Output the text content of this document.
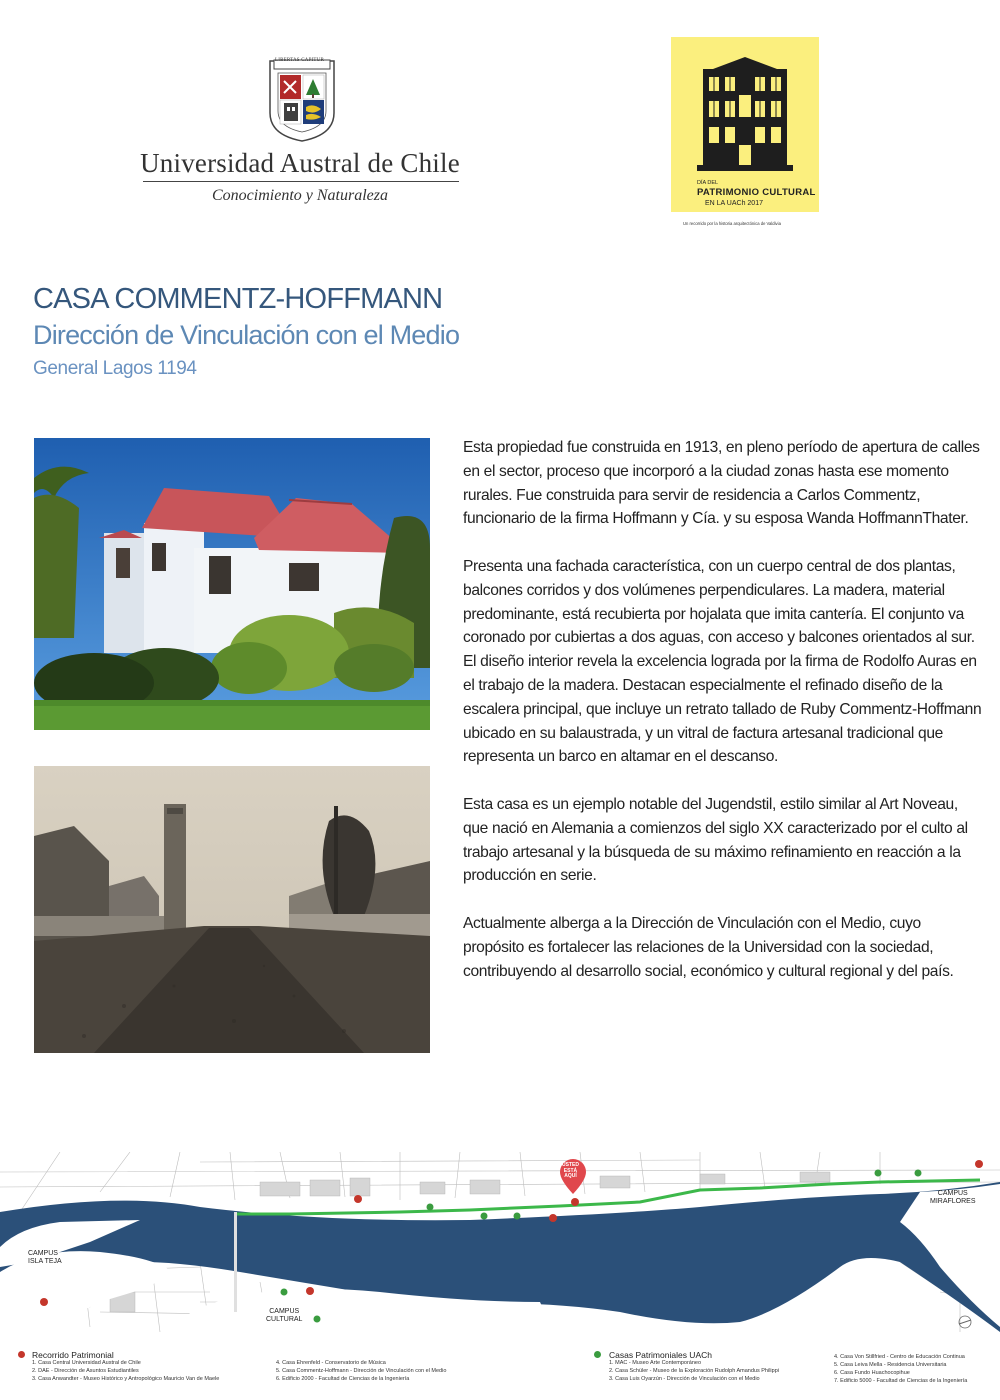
LIBERTAS CAPITUR
Universidad Austral de Chile
Conocimiento y Naturaleza
DÍA DEL
PATRIMONIO CULTURAL
EN LA UACh 2017
Un recorrido por la historia arquitectónica de Valdivia
CASA COMMENTZ-HOFFMANN
Dirección de Vinculación con el Medio
General Lagos 1194

Esta propiedad fue construida en 1913, en pleno período de apertura de calles en el sector, proceso que incorporó a la ciudad zonas hasta ese momento rurales. Fue construida para servir de residencia a Carlos Commentz, funcionario de la firma Hoffmann y Cía. y su esposa Wanda HoffmannThater.

Presenta una fachada característica, con un cuerpo central de dos plantas, balcones corridos y dos volúmenes perpendiculares. La madera, material predominante, está recubierta por hojalata que imita cantería. El conjunto va coronado por cubiertas a dos aguas, con acceso y balcones orientados al sur. El diseño interior revela la excelencia lograda por la firma de Rodolfo Auras en el trabajo de la madera. Destacan especialmente el refinado diseño de la escalera principal, que incluye un retrato tallado de Ruby Commentz-Hoffmann ubicado en su balaustrada, y un vitral de factura artesanal tradicional que representa un barco en altamar en el descanso.

Esta casa es un ejemplo notable del Jugendstil, estilo similar al Art Noveau, que nació en Alemania a comienzos del siglo XX caracterizado por el culto al trabajo artesanal y la búsqueda de su máximo refinamiento en reacción a la producción en serie.

Actualmente alberga a la Dirección de Vinculación con el Medio, cuyo propósito es fortalecer las relaciones de la Universidad con la sociedad, contribuyendo al desarrollo social, económico y cultural regional y del país.

USTED
ESTÁ
AQUÍ
CAMPUS
ISLA TEJA
CAMPUS
CULTURAL
CAMPUS
MIRAFLORES
Recorrido Patrimonial
1. Casa Central Universidad Austral de Chile
2. DAE - Dirección de Asuntos Estudiantiles
3. Casa Anwandter - Museo Histórico y Antropológico Mauricio Van de Maele
4. Casa Ehrenfeld - Conservatorio de Música
5. Casa Commentz-Hoffmann - Dirección de Vinculación con el Medio
6. Edificio 2000 - Facultad de Ciencias de la Ingeniería
Casas Patrimoniales UACh
1. MAC - Museo Arte Contemporáneo
2. Casa Schüler - Museo de la Exploración Rudolph Amandus Philippi
3. Casa Luis Oyarzún - Dirección de Vinculación con el Medio
4. Casa Von Stillfried - Centro de Educación Continua
5. Casa Leiva Mella - Residencia Universitaria
6. Casa Fundo Huachocopihue
7. Edificio 5000 - Facultad de Ciencias de la Ingeniería
